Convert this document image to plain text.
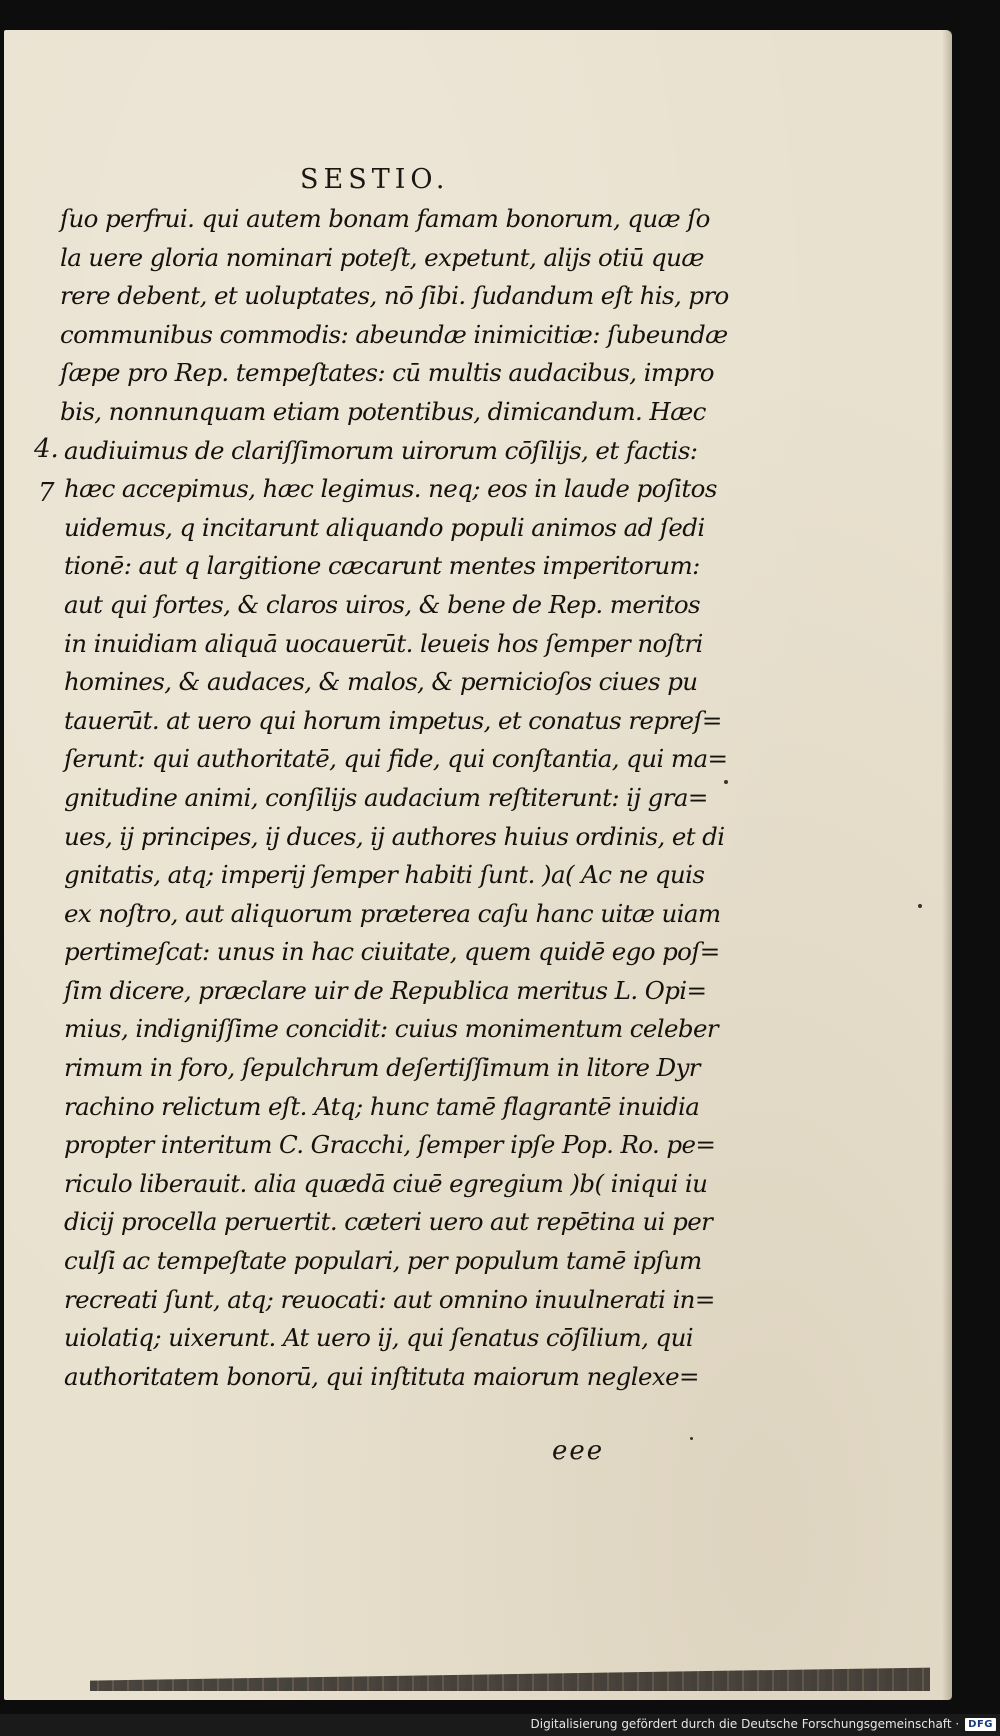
SESTIO.
4.
7
ſuo perfrui. qui autem bonam famam bonorum, quæ ſo
la uere gloria nominari poteſt, expetunt, alijs otiū quæ
rere debent, et uoluptates, nō ſibi. ſudandum eſt his, pro
communibus commodis: abeundæ inimicitiæ: ſubeundæ
ſæpe pro Rep. tempeſtates: cū multis audacibus, impro
bis, nonnunquam etiam potentibus, dimicandum. Hæc
audiuimus de clariſſimorum uirorum cōſilijs, et factis:
hæc accepimus, hæc legimus. neq; eos in laude poſitos
uidemus, q incitarunt aliquando populi animos ad ſedi
tionē: aut q largitione cæcarunt mentes imperitorum:
aut qui fortes, & claros uiros, & bene de Rep. meritos
in inuidiam aliquā uocauerūt. leueis hos ſemper noſtri
homines, & audaces, & malos, & pernicioſos ciues pu
tauerūt. at uero qui horum impetus, et conatus repreſ=
ſerunt: qui authoritatē, qui fide, qui conſtantia, qui ma=
gnitudine animi, conſilijs audacium reſtiterunt: ij gra=
ues, ij principes, ij duces, ij authores huius ordinis, et di
gnitatis, atq; imperij ſemper habiti ſunt. )a( Ac ne quis
ex noſtro, aut aliquorum præterea caſu hanc uitæ uiam
pertimeſcat: unus in hac ciuitate, quem quidē ego poſ=
ſim dicere, præclare uir de Republica meritus L. Opi=
mius, indigniſſime concidit: cuius monimentum celeber
rimum in foro, ſepulchrum deſertiſſimum in litore Dyr
rachino relictum eſt. Atq; hunc tamē flagrantē inuidia
propter interitum C. Gracchi, ſemper ipſe Pop. Ro. pe=
riculo liberauit. alia quædā ciuē egregium )b( iniqui iu
dicij procella peruertit. cæteri uero aut repētina ui per
culſi ac tempeſtate populari, per populum tamē ipſum
recreati ſunt, atq; reuocati: aut omnino inuulnerati in=
uiolatiq; uixerunt. At uero ij, qui ſenatus cōſilium, qui
authoritatem bonorū, qui inſtituta maiorum neglexe=
eee
Digitalisierung gefördert durch die Deutsche Forschungsgemeinschaft · DFG
